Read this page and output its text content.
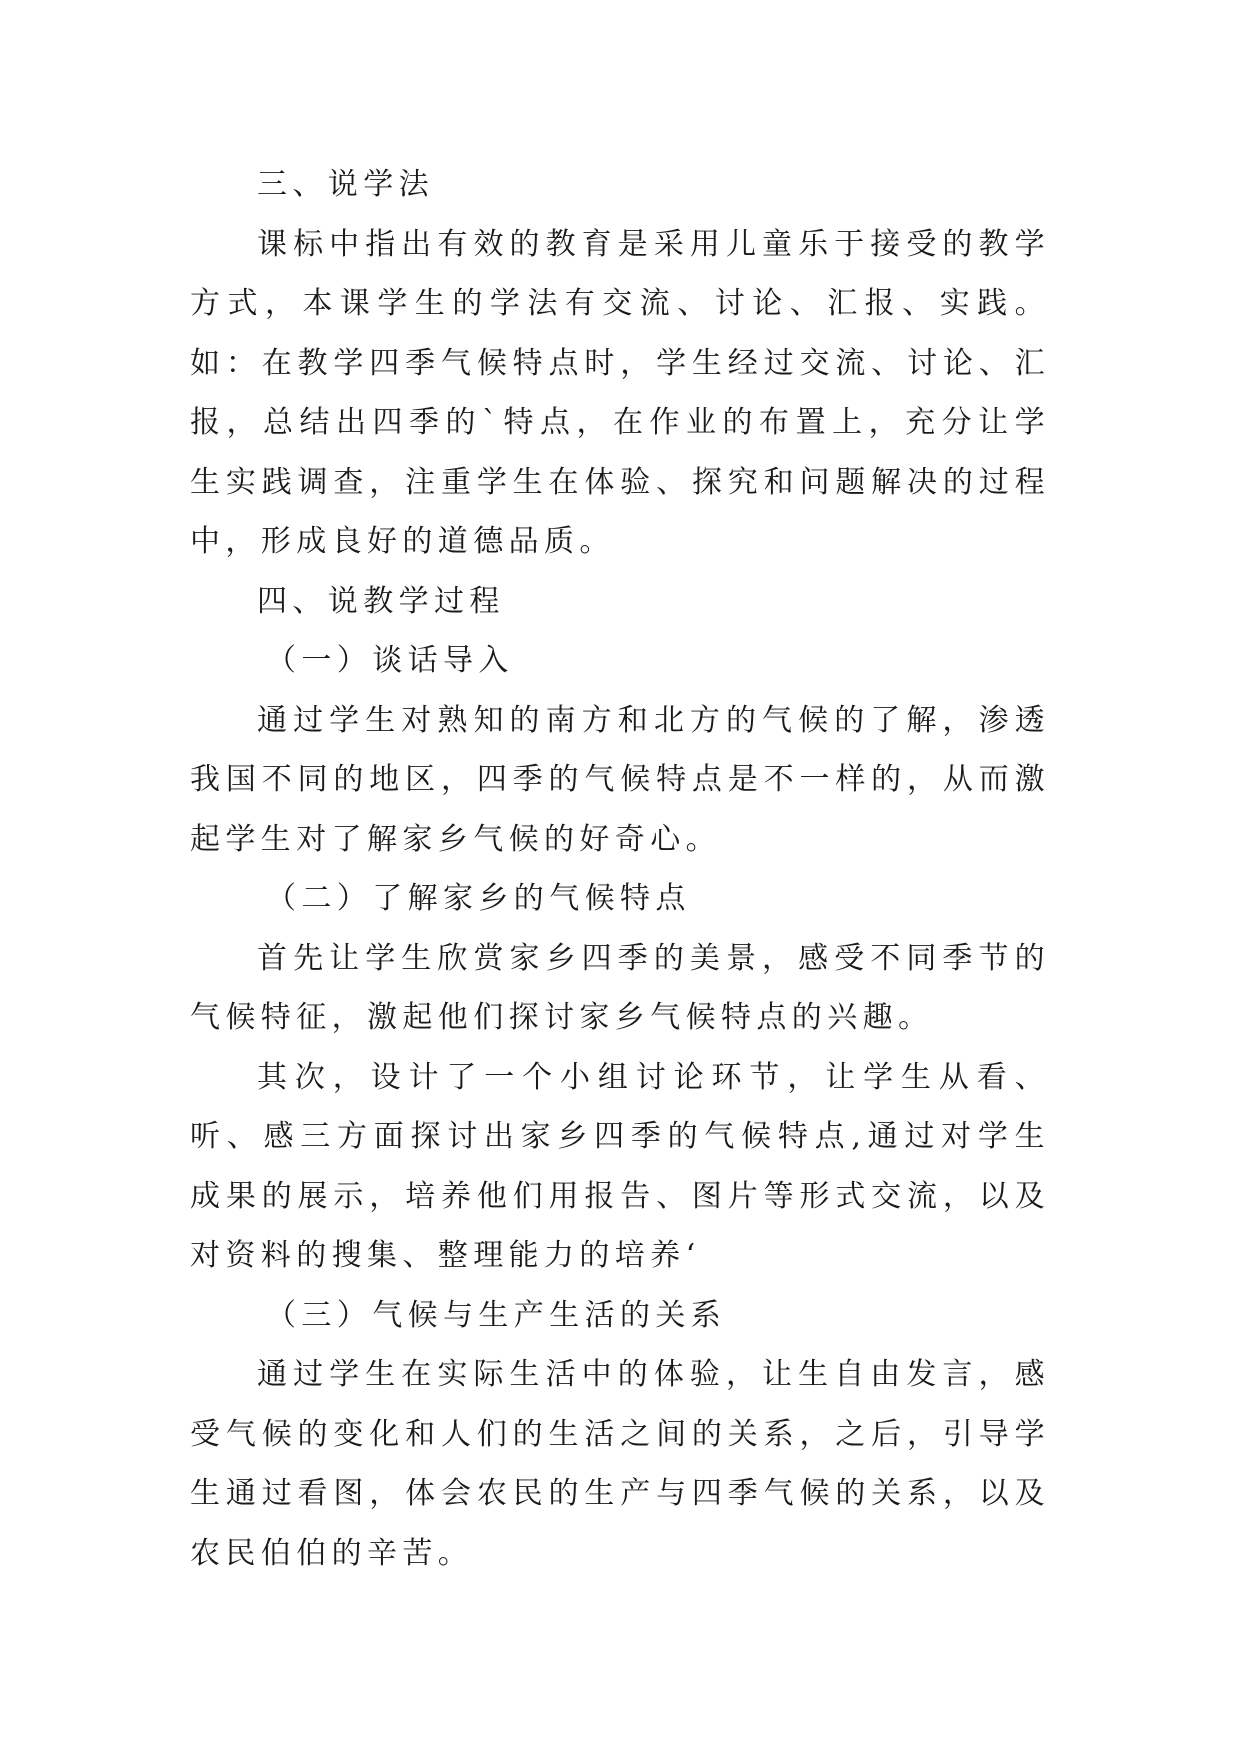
三、说学法

课标中指出有效的教育是采用儿童乐于接受的教学方式，本课学生的学法有交流、讨论、汇报、实践。如：在教学四季气候特点时，学生经过交流、讨论、汇报，总结出四季的`特点，在作业的布置上，充分让学生实践调查，注重学生在体验、探究和问题解决的过程中，形成良好的道德品质。

四、说教学过程

（一）谈话导入

通过学生对熟知的南方和北方的气候的了解，渗透我国不同的地区，四季的气候特点是不一样的，从而激起学生对了解家乡气候的好奇心。

（二）了解家乡的气候特点

首先让学生欣赏家乡四季的美景，感受不同季节的气候特征，激起他们探讨家乡气候特点的兴趣。

其次，设计了一个小组讨论环节，让学生从看、听、感三方面探讨出家乡四季的气候特点,通过对学生成果的展示，培养他们用报告、图片等形式交流，以及对资料的搜集、整理能力的培养‘

（三）气候与生产生活的关系

通过学生在实际生活中的体验，让生自由发言，感受气候的变化和人们的生活之间的关系，之后，引导学生通过看图，体会农民的生产与四季气候的关系，以及农民伯伯的辛苦。
